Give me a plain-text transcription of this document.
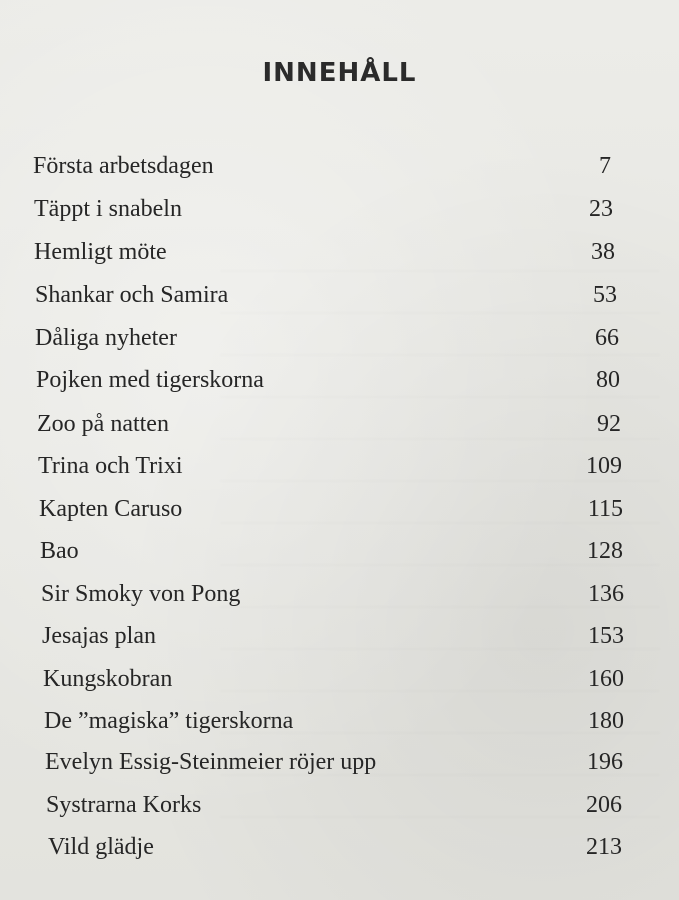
INNEHÅLL
Första arbetsdagen	7
Täppt i snabeln	23
Hemligt möte	38
Shankar och Samira	53
Dåliga nyheter	66
Pojken med tigerskorna	80
Zoo på natten	92
Trina och Trixi	109
Kapten Caruso	115
Bao	128
Sir Smoky von Pong	136
Jesajas plan	153
Kungskobran	160
De ”magiska” tigerskorna	180
Evelyn Essig-Steinmeier röjer upp	196
Systrarna Korks	206
Vild glädje	213
